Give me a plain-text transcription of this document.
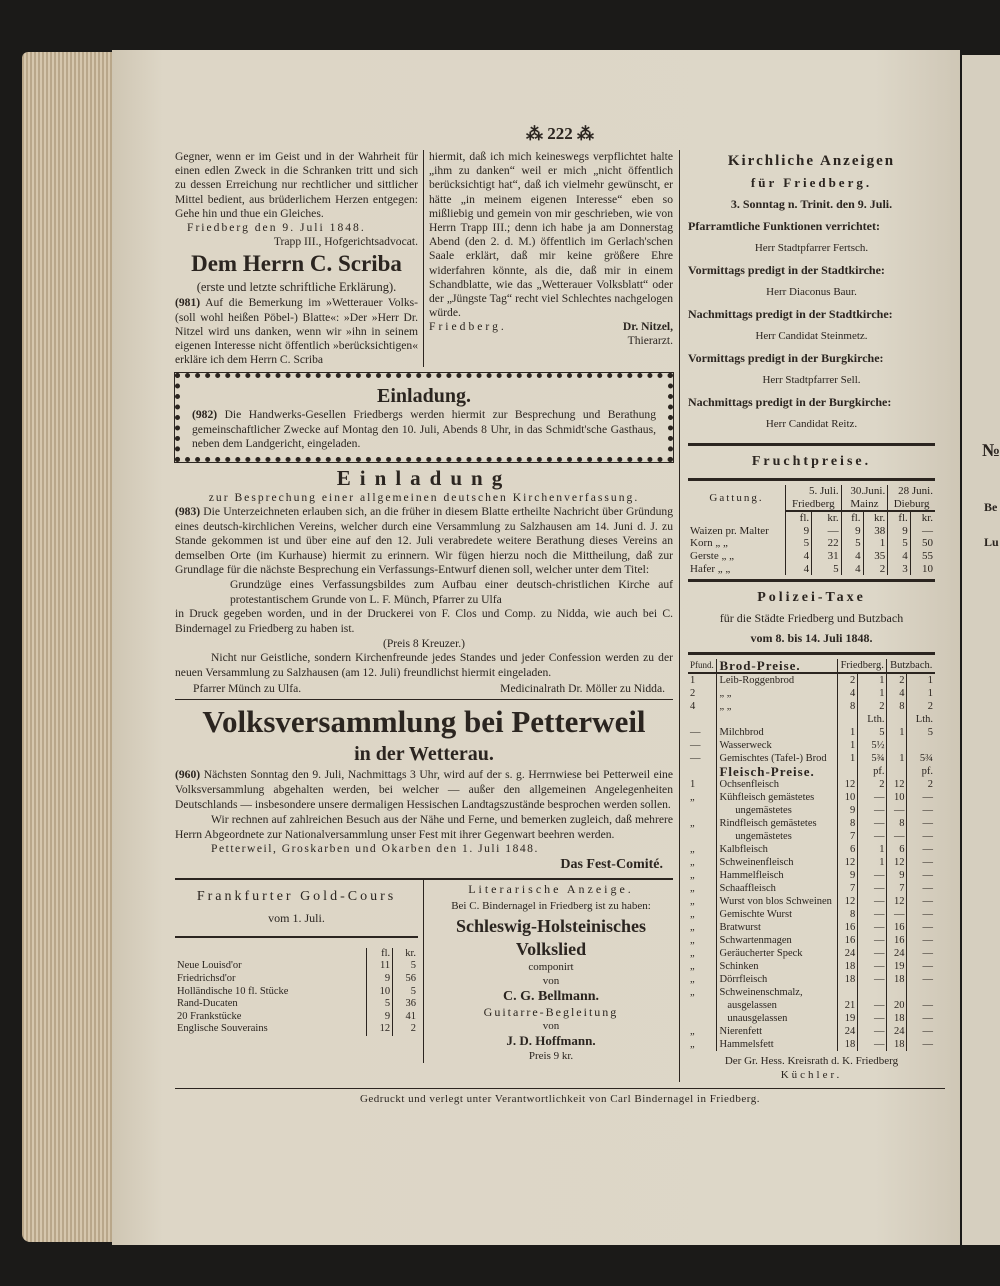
№
Be
Lu
⁂ 222 ⁂

Gegner, wenn er im Geist und in der Wahrheit für einen edlen Zweck in die Schranken tritt und sich zu dessen Erreichung nur rechtlicher und sittlicher Mittel bedient, aus brüderlichem Herzen entgegen: Gehe hin und thue ein Gleiches.

Friedberg den 9. Juli 1848.

Trapp III., Hofgerichtsadvocat.

Dem Herrn C. Scriba

(erste und letzte schriftliche Erklärung).

(981) Auf die Bemerkung im »Wetterauer Volks- (soll wohl heißen Pöbel-) Blatte«: »Der »Herr Dr. Nitzel wird uns danken, wenn wir »ihn in seinem eigenen Interesse nicht öffentlich »berücksichtigen« erkläre ich dem Herrn C. Scriba

hiermit, daß ich mich keineswegs verpflichtet halte „ihm zu danken“ weil er mich „nicht öffentlich berücksichtigt hat“, daß ich vielmehr gewünscht, er hätte „in meinem eigenen Interesse“ eben so mißliebig und gemein von mir geschrieben, wie von Herrn Trapp III.; denn ich habe ja am Donnerstag Abend (den 2. d. M.) öffentlich im Gerlach'schen Saale erklärt, daß mir keine größere Ehre widerfahren könnte, als die, daß mir in einem Schandblatte, wie das „Wetterauer Volksblatt“ oder der „Jüngste Tag“ recht viel Schlechtes nachgelogen würde.

Friedberg.	Dr. Nitzel,

Thierarzt.

Einladung.

(982) Die Handwerks-Gesellen Friedbergs werden hiermit zur Besprechung und Berathung gemeinschaftlicher Zwecke auf Montag den 10. Juli, Abends 8 Uhr, in das Schmidt'sche Gasthaus, neben dem Landgericht, eingeladen.

Einladung

zur Besprechung einer allgemeinen deutschen Kirchenverfassung.

(983) Die Unterzeichneten erlauben sich, an die früher in diesem Blatte ertheilte Nachricht über Gründung eines deutsch-kirchlichen Vereins, welcher durch eine Versammlung zu Salzhausen am 14. Juni d. J. zu Stande gekommen ist und über eine auf den 12. Juli verabredete weitere Berathung dieses Vereins an demselben Orte (im Kurhause) hiermit zu erinnern. Wir fügen hierzu noch die Mittheilung, daß zur Grundlage für die nächste Besprechung ein Verfassungs-Entwurf dienen soll, welcher unter dem Titel:

Grundzüge eines Verfassungsbildes zum Aufbau einer deutsch-christlichen Kirche auf protestantischem Grunde von L. F. Münch, Pfarrer zu Ulfa

in Druck gegeben worden, und in der Druckerei von F. Clos und Comp. zu Nidda, wie auch bei C. Bindernagel zu Friedberg zu haben ist.

(Preis 8 Kreuzer.)

Nicht nur Geistliche, sondern Kirchenfreunde jedes Standes und jeder Confession werden zu der neuen Versammlung zu Salzhausen (am 12. Juli) freundlichst hiermit eingeladen.

Pfarrer Münch zu Ulfa.	Medicinalrath Dr. Möller zu Nidda.

Volksversammlung bei Petterweil

in der Wetterau.

(960) Nächsten Sonntag den 9. Juli, Nachmittags 3 Uhr, wird auf der s. g. Herrnwiese bei Petterweil eine Volksversammlung abgehalten werden, bei welcher — außer den allgemeinen Angelegenheiten Deutschlands — insbesondere unsere dermaligen Hessischen Landtagszustände besprochen werden sollen.

Wir rechnen auf zahlreichen Besuch aus der Nähe und Ferne, und bemerken zugleich, daß mehrere Herrn Abgeordnete zur Nationalversammlung unser Fest mit ihrer Gegenwart beehren werden.

Petterweil, Groskarben und Okarben den 1. Juli 1848.

Das Fest-Comité.

Frankfurter Gold-Cours

vom 1. Juli.

	fl.	kr.
Neue Louisd'or	11	5
Friedrichsd'or	9	56
Holländische 10 fl. Stücke	10	5
Rand-Ducaten	5	36
20 Frankstücke	9	41
Englische Souverains	12	2

Literarische Anzeige.

Bei C. Bindernagel in Friedberg ist zu haben:

Schleswig-Holsteinisches

Volkslied

componirt

von

C. G. Bellmann.

Guitarre-Begleitung

von

J. D. Hoffmann.

Preis 9 kr.

Kirchliche Anzeigen

für Friedberg.

3. Sonntag n. Trinit. den 9. Juli.

Pfarramtliche Funktionen verrichtet:

Herr Stadtpfarrer Fertsch.

Vormittags predigt in der Stadtkirche:

Herr Diaconus Baur.

Nachmittags predigt in der Stadtkirche:

Herr Candidat Steinmetz.

Vormittags predigt in der Burgkirche:

Herr Stadtpfarrer Sell.

Nachmittags predigt in der Burgkirche:

Herr Candidat Reitz.

Fruchtpreise.
Gattung.	5. Juli.		30.Juni.		28 Juni.	
	Friedberg		Mainz		Dieburg	
	fl.	kr.	fl.	kr.	fl.	kr.
Waizen pr. Malter	9	—	9	38	9	—
Korn „ „	5	22	5	1	5	50
Gerste „ „	4	31	4	35	4	55
Hafer „ „	4	5	4	2	3	10

Polizei-Taxe

für die Städte Friedberg und Butzbach

vom 8. bis 14. Juli 1848.

Pfund.	Brod-Preise.	Friedberg.		Butzbach.	
1	Leib-Roggenbrod	2	1	2	1
2	„ „	4	1	4	1
4	„ „	8	2	8	2
			Lth.		Lth.
—	Milchbrod	1	5	1	5
—	Wasserweck	1	5½		
—	Gemischtes (Tafel-) Brod	1	5¾	1	5¾
	Fleisch-Preise.		pf.		pf.
1	Ochsenfleisch	12	2	12	2
„	Kühfleisch gemästetes	10	—	10	—
	ungemästetes	9	—	—	—
„	Rindfleisch gemästetes	8	—	8	—
	ungemästetes	7	—	—	—
„	Kalbfleisch	6	1	6	—
„	Schweinenfleisch	12	1	12	—
„	Hammelfleisch	9	—	9	—
„	Schaaffleisch	7	—	7	—
„	Wurst von blos Schweinen	12	—	12	—
„	Gemischte Wurst	8	—	—	—
„	Bratwurst	16	—	16	—
„	Schwartenmagen	16	—	16	—
„	Geräucherter Speck	24	—	24	—
„	Schinken	18	—	19	—
„	Dörrfleisch	18	—	18	—
„	Schweinenschmalz,				
	ausgelassen	21	—	20	—
	unausgelassen	19	—	18	—
„	Nierenfett	24	—	24	—
„	Hammelsfett	18	—	18	—

Der Gr. Hess. Kreisrath d. K. Friedberg

Küchler.

Gedruckt und verlegt unter Verantwortlichkeit von Carl Bindernagel in Friedberg.
